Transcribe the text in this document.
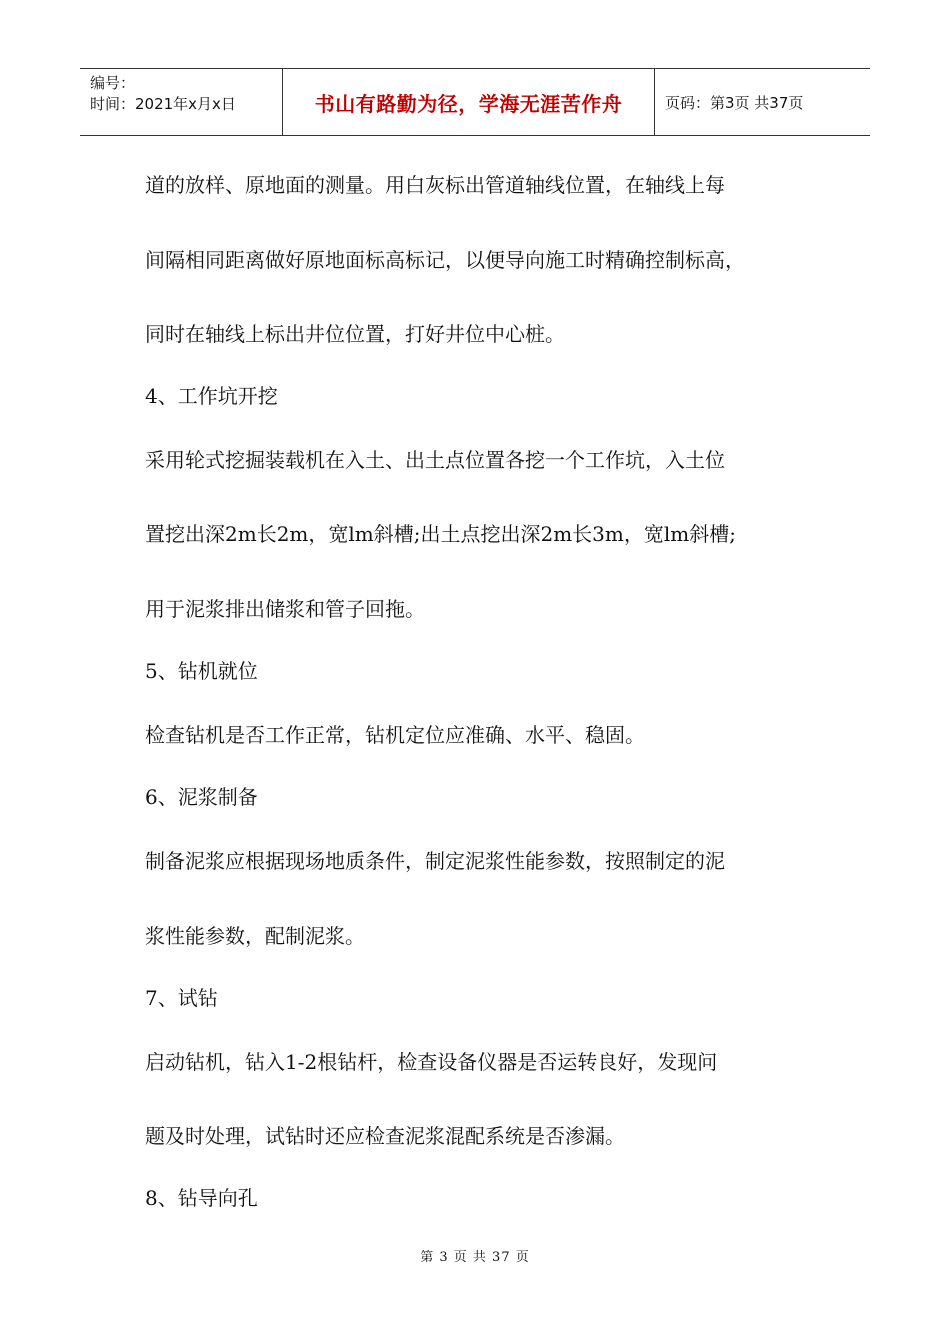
编号：
时间：2021年x月x日	书山有路勤为径，学海无涯苦作舟	页码：第3页 共37页

道的放样、原地面的测量。用白灰标出管道轴线位置，在轴线上每

间隔相同距离做好原地面标高标记，以便导向施工时精确控制标高，

同时在轴线上标出井位位置，打好井位中心桩。

4、工作坑开挖

采用轮式挖掘装载机在入土、出土点位置各挖一个工作坑，入土位

置挖出深2m长2m，宽lm斜槽;出土点挖出深2m长3m，宽lm斜槽;

用于泥浆排出储浆和管子回拖。

5、钻机就位

检查钻机是否工作正常，钻机定位应准确、水平、稳固。

6、泥浆制备

制备泥浆应根据现场地质条件，制定泥浆性能参数，按照制定的泥

浆性能参数，配制泥浆。

7、试钻

启动钻机，钻入1-2根钻杆，检查设备仪器是否运转良好，发现问

题及时处理，试钻时还应检查泥浆混配系统是否渗漏。

8、钻导向孔

第 3 页 共 37 页
